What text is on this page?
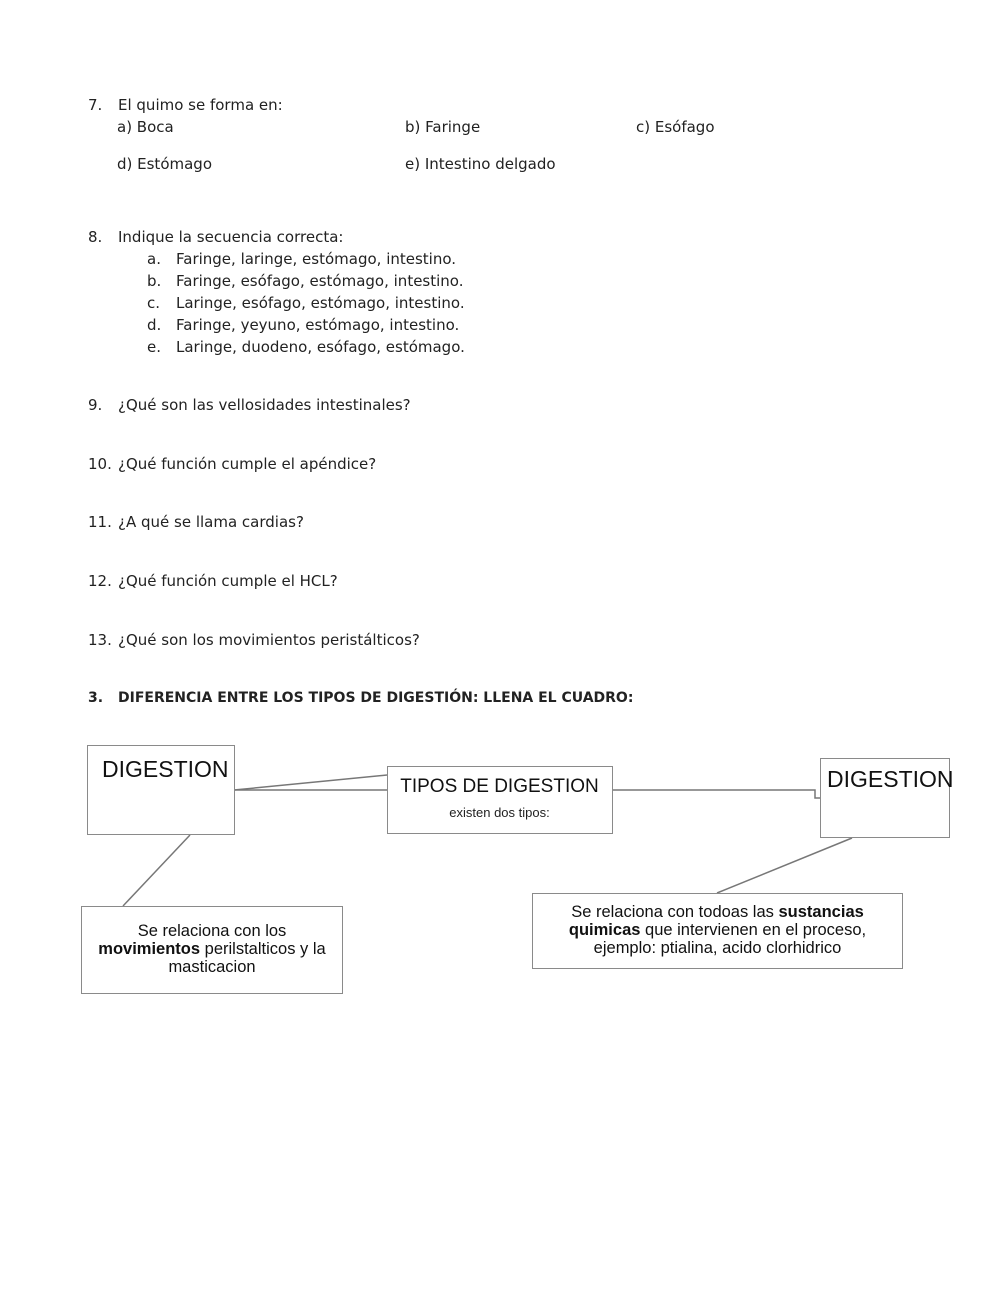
7. El quimo se forma en:
a) Boca	b) Faringe	c) Esófago
d) Estómago	e) Intestino delgado
8. Indique la secuencia correcta:
a. Faringe, laringe, estómago, intestino.
b. Faringe, esófago, estómago, intestino.
c. Laringe, esófago, estómago, intestino.
d. Faringe, yeyuno, estómago, intestino.
e. Laringe, duodeno, esófago, estómago.
9. ¿Qué son las vellosidades intestinales?
10. ¿Qué función cumple el apéndice?
11. ¿A qué se llama cardias?
12. ¿Qué función cumple el HCL?
13. ¿Qué son los movimientos peristálticos?
3. DIFERENCIA ENTRE LOS TIPOS DE DIGESTIÓN: LLENA EL CUADRO:
DIGESTION
TIPOS DE DIGESTION
existen dos tipos:
DIGESTION
Se relaciona con los
movimientos perilstalticos y la
masticacion
Se relaciona con todoas las sustancias
quimicas que intervienen en el proceso,
ejemplo: ptialina, acido clorhidrico
